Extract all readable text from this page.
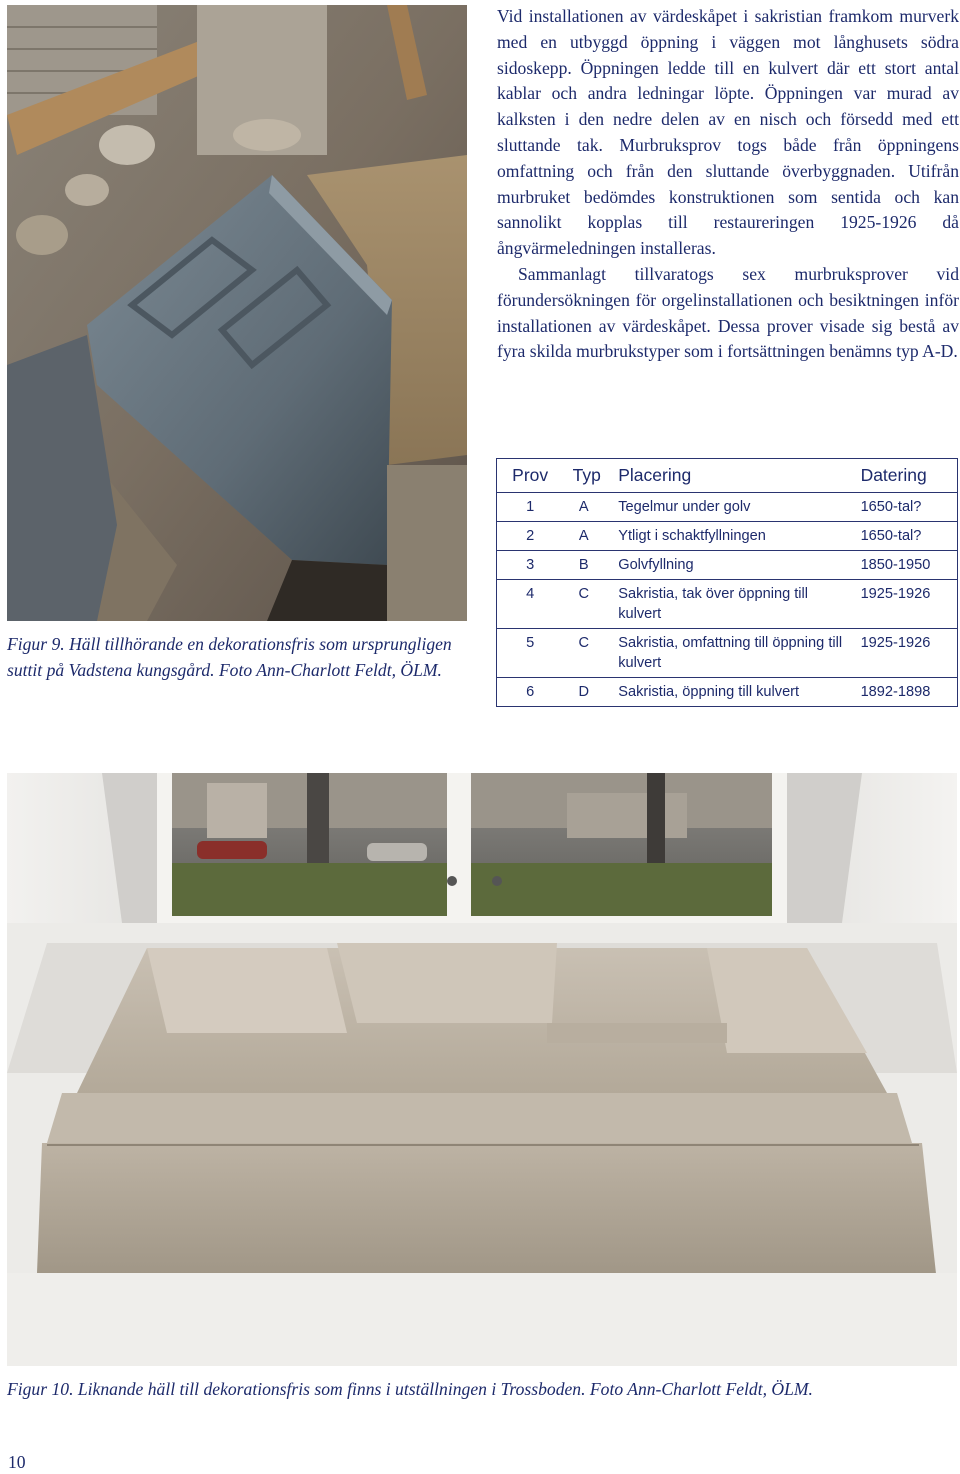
Vid installationen av värdeskåpet i sakristian framkom murverk med en utbyggd öppning i väggen mot långhusets södra sidoskepp. Öppningen ledde till en kulvert där ett stort antal kablar och andra ledningar löpte. Öppningen var murad av kalksten i den nedre delen av en nisch och försedd med ett sluttande tak. Murbruksprov togs både från öppningens omfattning och från den sluttande överbyggnaden. Utifrån murbruket bedömdes konstruktionen som sentida och kan sannolikt kopplas till restaureringen 1925-1926 då ångvärmeledningen installeras.

Sammanlagt tillvaratogs sex murbruksprover vid förundersökningen för orgelinstallationen och besiktningen inför installationen av värdeskåpet. Dessa prover visade sig bestå av fyra skilda murbrukstyper som i fortsättningen benämns typ A-D.

Figur 9. Häll tillhörande en dekorationsfris som ursprungligen suttit på Vadstena kungsgård. Foto Ann-Charlott Feldt, ÖLM.
Prov	Typ	Placering	Datering
1	A	Tegelmur under golv	1650-tal?
2	A	Ytligt i schaktfyllningen	1650-tal?
3	B	Golvfyllning	1850-1950
4	C	Sakristia, tak över öppning till kulvert	1925-1926
5	C	Sakristia, omfattning till öppning till kulvert	1925-1926
6	D	Sakristia, öppning till kulvert	1892-1898
Figur 10. Liknande häll till dekorationsfris som finns i utställningen i Trossboden. Foto Ann-Charlott Feldt, ÖLM.
10
